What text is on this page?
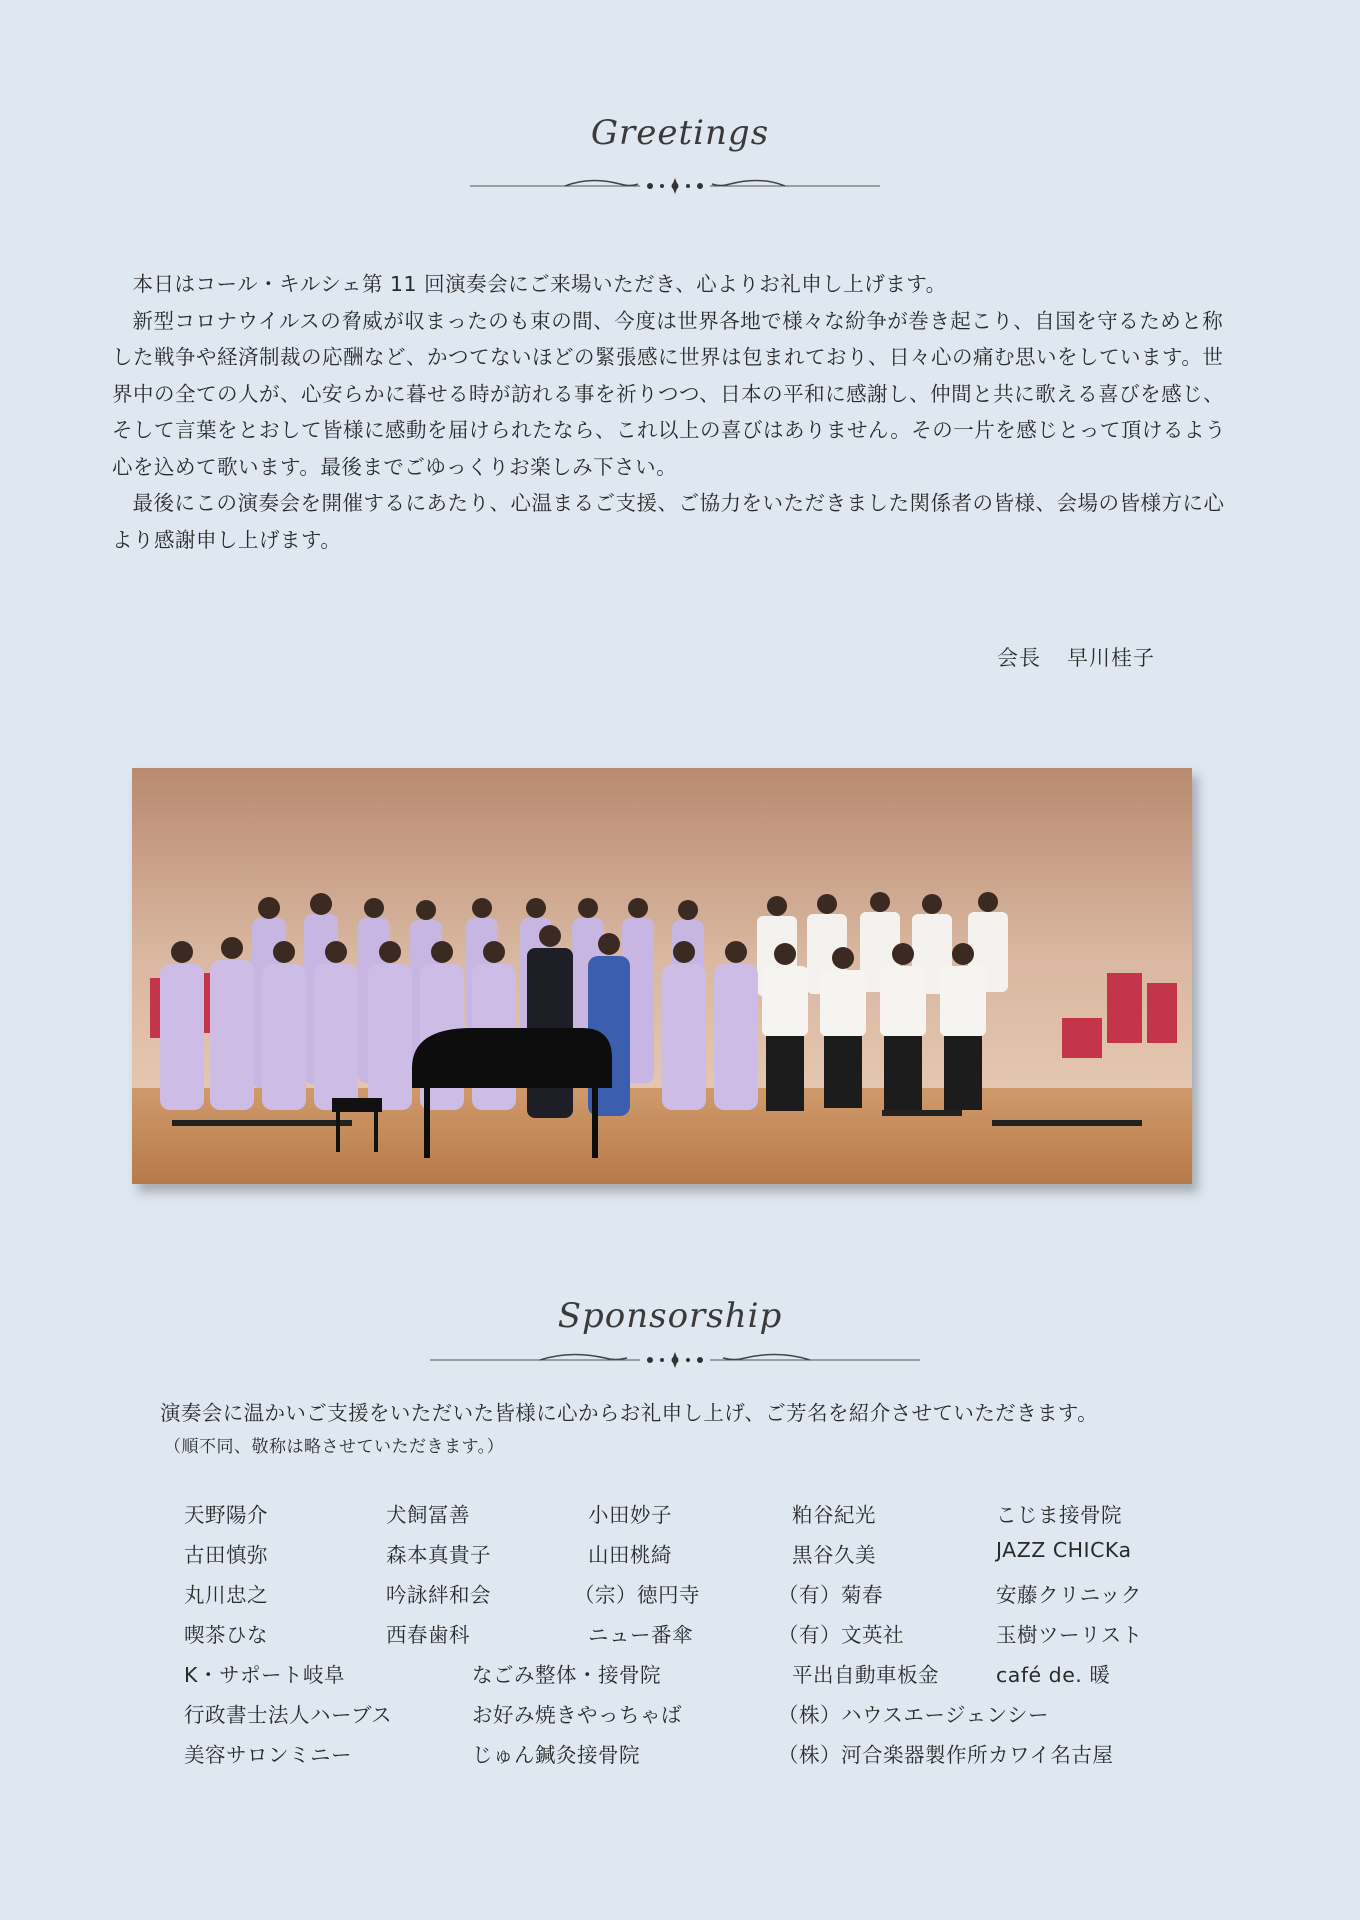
Greetings

本日はコール・キルシェ第 11 回演奏会にご来場いただき、心よりお礼申し上げます。

新型コロナウイルスの脅威が収まったのも束の間、今度は世界各地で様々な紛争が巻き起こり、自国を守るためと称した戦争や経済制裁の応酬など、かつてないほどの緊張感に世界は包まれており、日々心の痛む思いをしています。世界中の全ての人が、心安らかに暮せる時が訪れる事を祈りつつ、日本の平和に感謝し、仲間と共に歌える喜びを感じ、そして言葉をとおして皆様に感動を届けられたなら、これ以上の喜びはありません。その一片を感じとって頂けるよう心を込めて歌います。最後までごゆっくりお楽しみ下さい。

最後にこの演奏会を開催するにあたり、心温まるご支援、ご協力をいただきました関係者の皆様、会場の皆様方に心より感謝申し上げます。

会長 早川桂子
Sponsorship
演奏会に温かいご支援をいただいた皆様に心からお礼申し上げ、ご芳名を紹介させていただきます。
（順不同、敬称は略させていただきます。）
天野陽介	犬飼冨善	小田妙子	粕谷紀光	こじま接骨院
古田慎弥	森本真貴子	山田桃綺	黒谷久美	JAZZ CHICKa
丸川忠之	吟詠絆和会	（宗）徳円寺	（有）菊春	安藤クリニック
喫茶ひな	西春歯科	ニュー番傘	（有）文英社	玉樹ツーリスト
K・サポート岐阜	なごみ整体・接骨院	平出自動車板金	café de. 暖
行政書士法人ハーブス	お好み焼きやっちゃば	（株）ハウスエージェンシー
美容サロンミニー	じゅん鍼灸接骨院	（株）河合楽器製作所カワイ名古屋
